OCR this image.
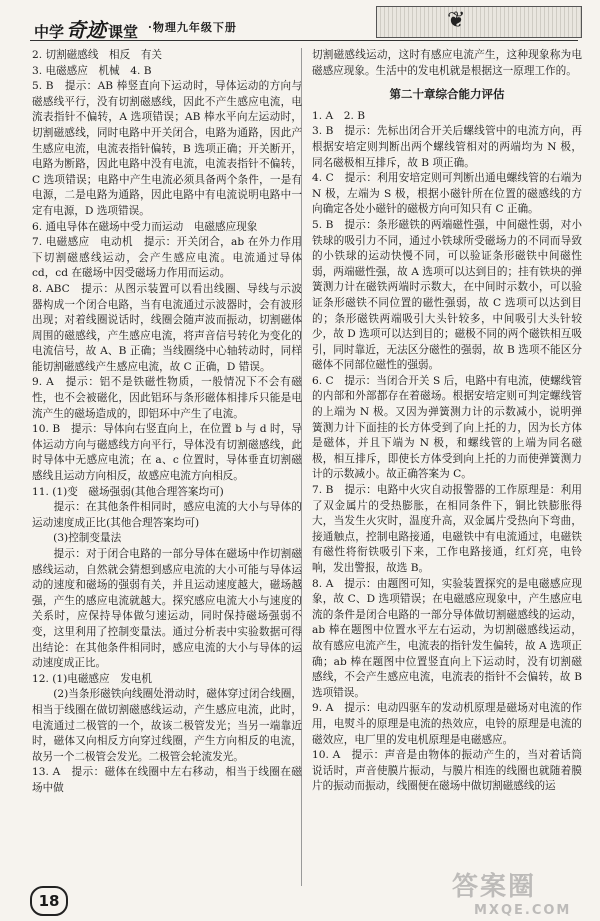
中学 奇迹 课堂 ·物理九年级下册	❦

2. 切割磁感线　相反　有关

3. 电磁感应　机械　4. B

5. B　提示：AB 棒竖直向下运动时，导体运动的方向与磁感线平行，没有切割磁感线，因此不产生感应电流，电流表指针不偏转，A 选项错误；AB 棒水平向左运动时，切割磁感线，同时电路中开关闭合，电路为通路，因此产生感应电流，电流表指针偏转，B 选项正确；开关断开，电路为断路，因此电路中没有电流，电流表指针不偏转，C 选项错误；电路中产生电流必须具备两个条件，一是有电源，二是电路为通路，因此电路中有电流说明电路中一定有电源，D 选项错误。

6. 通电导体在磁场中受力而运动　电磁感应现象

7. 电磁感应　电动机　提示：开关闭合，ab 在外力作用下切割磁感线运动，会产生感应电流。电流通过导体 cd，cd 在磁场中因受磁场力作用而运动。

8. ABC　提示：从图示装置可以看出线圈、导线与示波器构成一个闭合电路，当有电流通过示波器时，会有波形出现；对着线圈说话时，线圈会随声波而振动，切割磁体周围的磁感线，产生感应电流，将声音信号转化为变化的电流信号，故 A、B 正确；当线圈绕中心轴转动时，同样能切割磁感线产生感应电流，故 C 正确，D 错误。

9. A　提示：铝不是铁磁性物质，一般情况下不会有磁性，也不会被磁化，因此铝环与条形磁体相排斥只能是电流产生的磁场造成的，即铝环中产生了电流。

10. B　提示：导体向右竖直向上，在位置 b 与 d 时，导体运动方向与磁感线方向平行，导体没有切割磁感线，此时导体中无感应电流；在 a、c 位置时，导体垂直切割磁感线且运动方向相反，故感应电流方向相反。

11. (1)变　磁场强弱(其他合理答案均可)

　　提示：在其他条件相同时，感应电流的大小与导体的运动速度成正比(其他合理答案均可)

　　(3)控制变量法

　　提示：对于闭合电路的一部分导体在磁场中作切割磁感线运动，自然就会猜想到感应电流的大小可能与导体运动的速度和磁场的强弱有关，并且运动速度越大，磁场越强，产生的感应电流就越大。探究感应电流大小与速度的关系时，应保持导体做匀速运动，同时保持磁场强弱不变，这里利用了控制变量法。通过分析表中实验数据可得出结论：在其他条件相同时，感应电流的大小与导体的运动速度成正比。

12. (1)电磁感应　发电机

　　(2)当条形磁铁向线圈处滑动时，磁体穿过闭合线圈，相当于线圈在做切割磁感线运动，产生感应电流，此时，电流通过二极管的一个，故该二极管发光；当另一端靠近时，磁体又向相反方向穿过线圈，产生方向相反的电流，故另一个二极管会发光。二极管会轮流发光。

13. A　提示：磁体在线圈中左右移动，相当于线圈在磁场中做

切割磁感线运动，这时有感应电流产生，这种现象称为电磁感应现象。生活中的发电机就是根据这一原理工作的。

第二十章综合能力评估

1. A　2. B

3. B　提示：先标出闭合开关后螺线管中的电流方向，再根据安培定则判断出两个螺线管相对的两端均为 N 极，同名磁极相互排斥，故 B 项正确。

4. C　提示：利用安培定则可判断出通电螺线管的右端为 N 极，左端为 S 极，根据小磁针所在位置的磁感线的方向确定各处小磁针的磁极方向可知只有 C 正确。

5. B　提示：条形磁铁的两端磁性强，中间磁性弱，对小铁球的吸引力不同，通过小铁球所受磁场力的不同而导致的小铁球的运动快慢不同，可以验证条形磁铁中间磁性弱，两端磁性强，故 A 选项可以达到目的；挂有铁块的弹簧测力计在磁铁两端时示数大，在中间时示数小，可以验证条形磁铁不同位置的磁性强弱，故 C 选项可以达到目的；条形磁铁两端吸引大头针较多，中间吸引大头针较少，故 D 选项可以达到目的；磁极不同的两个磁铁相互吸引，同时靠近，无法区分磁性的强弱，故 B 选项不能区分磁体不同部位磁性的强弱。

6. C　提示：当闭合开关 S 后，电路中有电流，使螺线管的内部和外部都存在着磁场。根据安培定则可判定螺线管的上端为 N 极。又因为弹簧测力计的示数减小，说明弹簧测力计下面挂的长方体受到了向上托的力，因为长方体是磁体，并且下端为 N 极，和螺线管的上端为同名磁极，相互排斥，即使长方体受到向上托的力而使弹簧测力计的示数减小。故正确答案为 C。

7. B　提示：电路中火灾自动报警器的工作原理是：利用了双金属片的受热膨胀，在相同条件下，铜比铁膨胀得大，当发生火灾时，温度升高，双金属片受热向下弯曲，接通触点，控制电路接通，电磁铁中有电流通过，电磁铁有磁性将衔铁吸引下来，工作电路接通，红灯亮，电铃响，发出警报，故选 B。

8. A　提示：由题图可知，实验装置探究的是电磁感应现象，故 C、D 选项错误；在电磁感应现象中，产生感应电流的条件是闭合电路的一部分导体做切割磁感线的运动，ab 棒在题图中位置水平左右运动，为切割磁感线运动，故有感应电流产生，电流表的指针发生偏转，故 A 选项正确；ab 棒在题图中位置竖直向上下运动时，没有切割磁感线，不会产生感应电流，电流表的指针不会偏转，故 B 选项错误。

9. A　提示：电动四驱车的发动机原理是磁场对电流的作用，电熨斗的原理是电流的热效应，电铃的原理是电流的磁效应，电厂里的发电机原理是电磁感应。

10. A　提示：声音是由物体的振动产生的，当对着话筒说话时，声音使膜片振动，与膜片相连的线圈也就随着膜片的振动而振动，线圈便在磁场中做切割磁感线的运

18	答案圈
MXQE.COM
